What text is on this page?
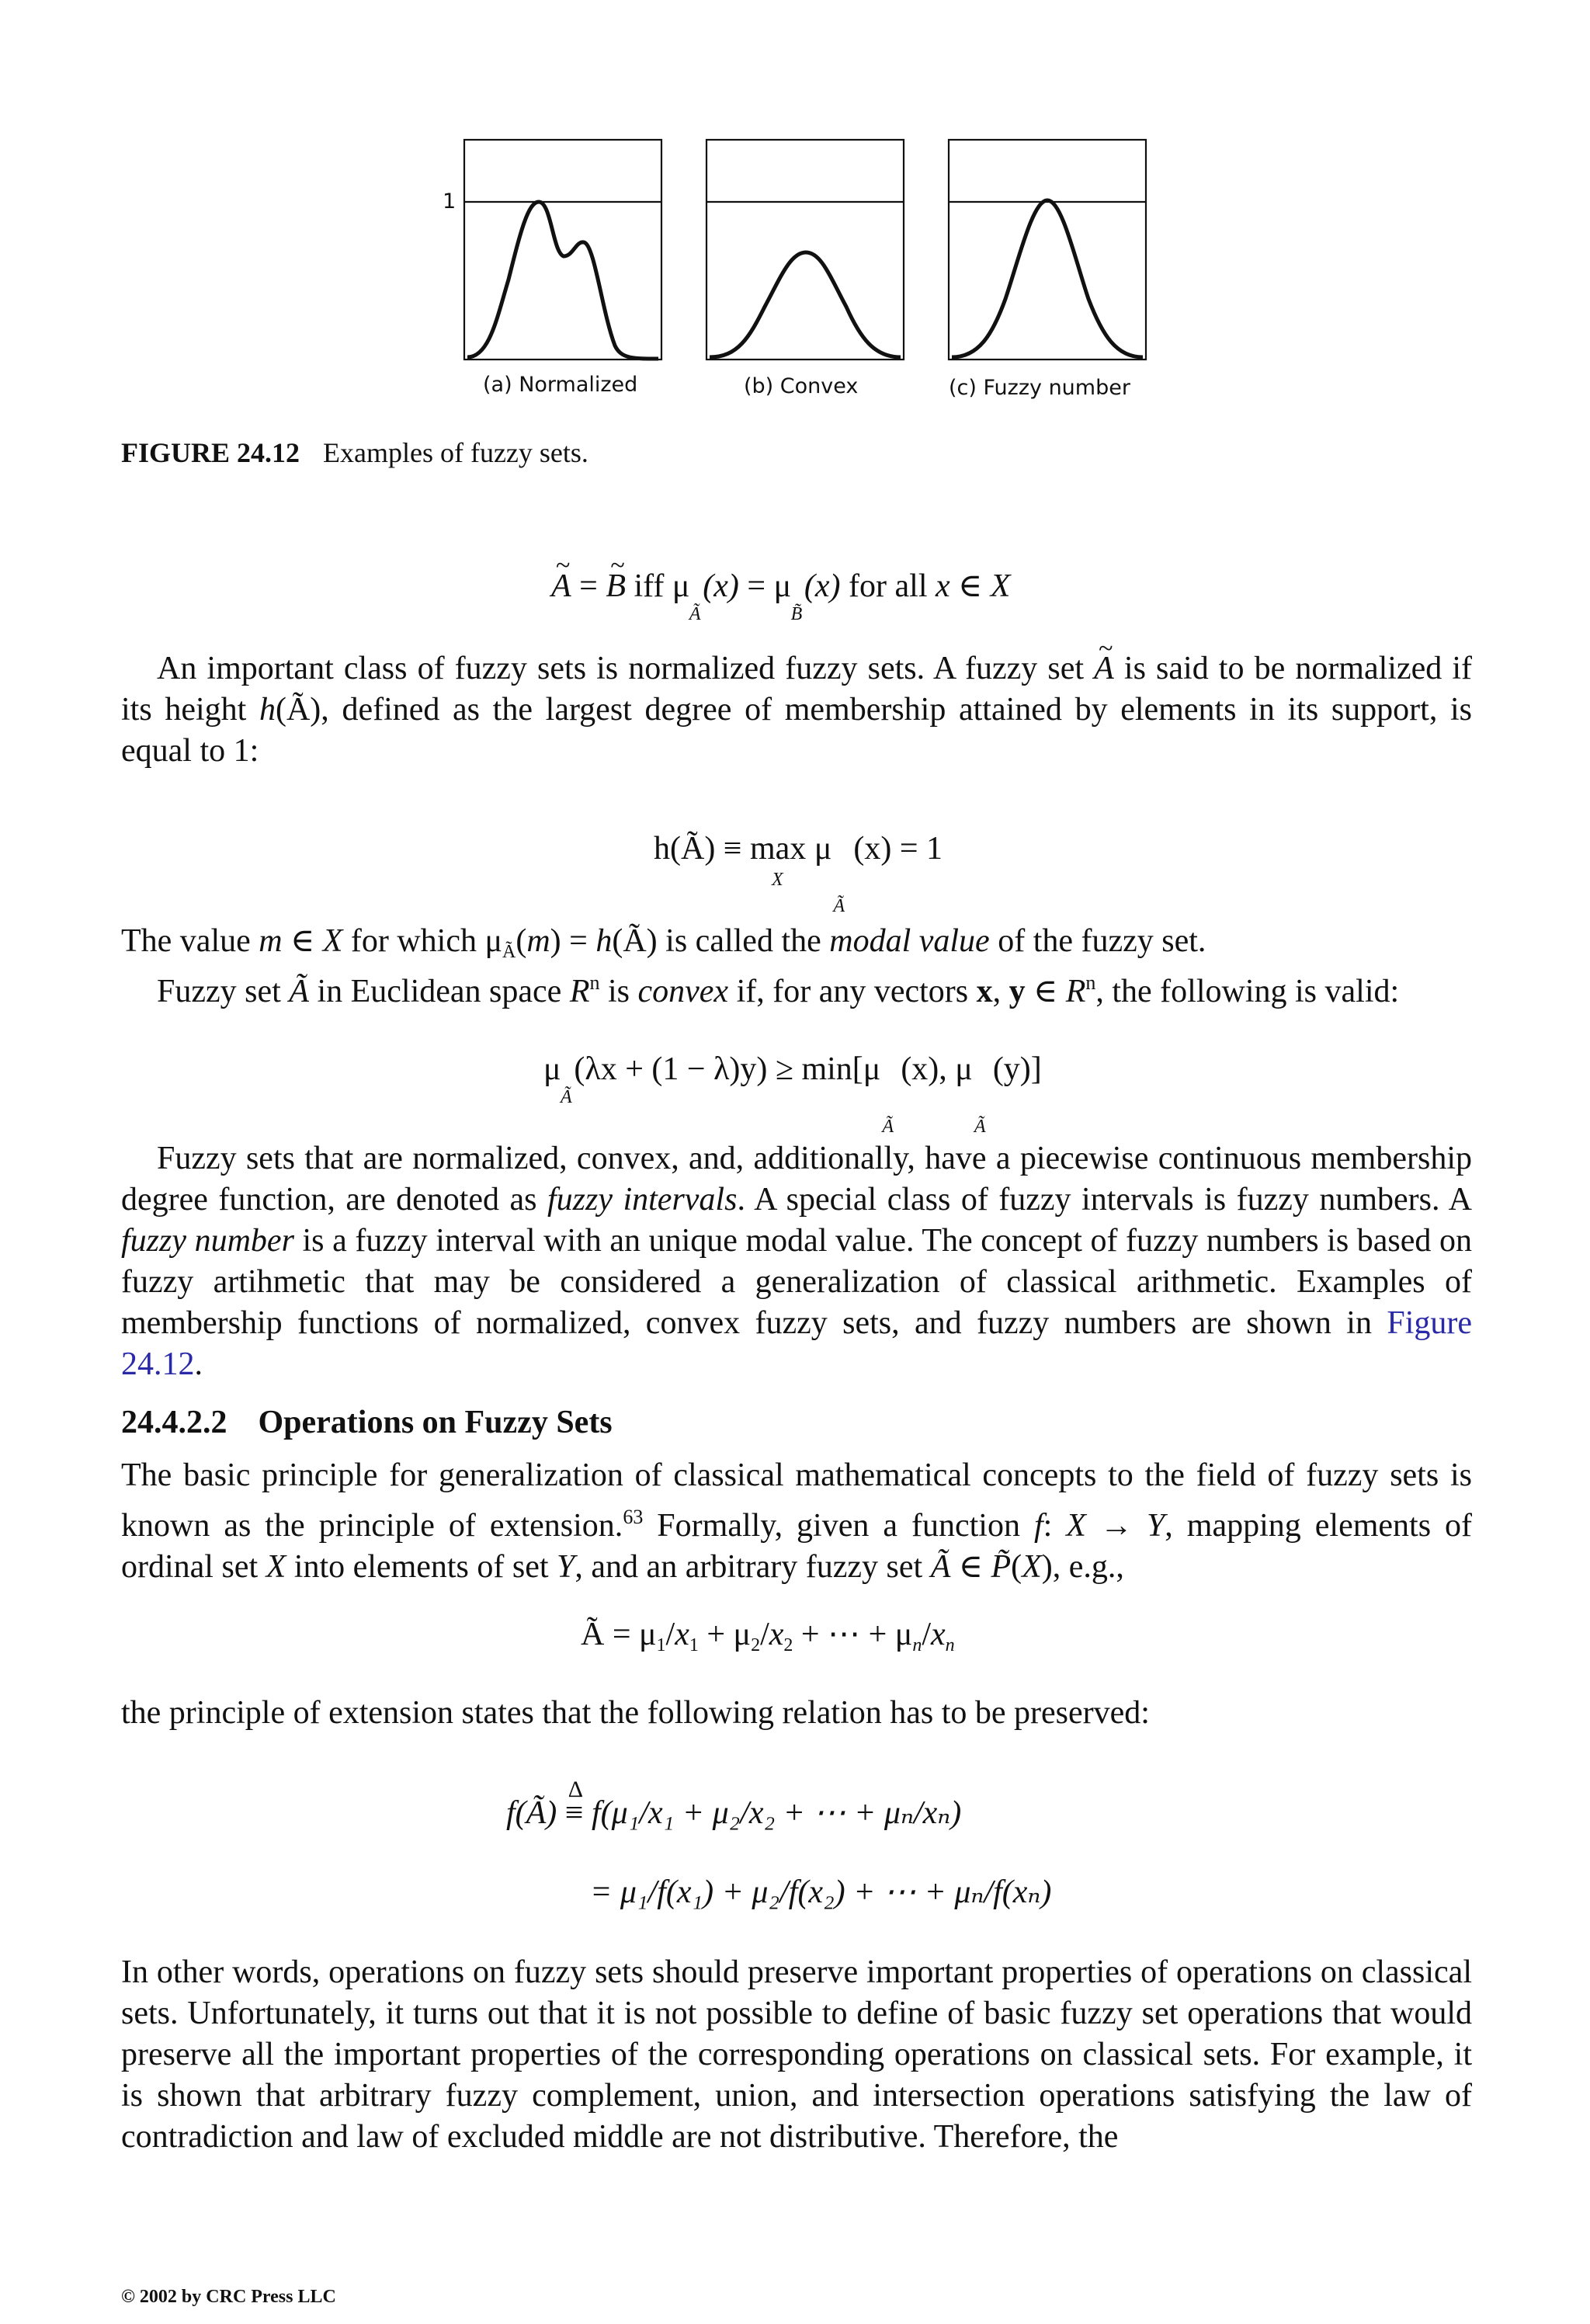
1
(a) Normalized	(b) Convex	(c) Fuzzy number
FIGURE 24.12 Examples of fuzzy sets.
~ A = ~ B iff μ
Ã
  (x) = μ
B̃
  (x) for all x ∈ X

An important class of fuzzy sets is normalized fuzzy sets. A fuzzy set ~ A is said to be normalized if its height h(Ã), defined as the largest degree of membership attained by elements in its support, is equal to 1:

h(Ã) ≡ max
X
μ
Ã
(x) = 1

The value m ∈ X for which $\mu_Ã(m)$ = h(Ã) is called the modal value of the fuzzy set.

Fuzzy set Ã in Euclidean space $R^n$ is convex if, for any vectors x, y ∈ $R^n$, the following is valid:

μ
Ã
  (λx + (1 − λ)y) ≥ min[μ
Ã
(x), μ
Ã
(y)]

Fuzzy sets that are normalized, convex, and, additionally, have a piecewise continuous membership degree function, are denoted as fuzzy intervals. A special class of fuzzy intervals is fuzzy numbers. A fuzzy number is a fuzzy interval with an unique modal value. The concept of fuzzy numbers is based on fuzzy artihmetic that may be considered a generalization of classical arithmetic. Examples of membership functions of normalized, convex fuzzy sets, and fuzzy numbers are shown in Figure 24.12.

24.4.2.2 Operations on Fuzzy Sets

The basic principle for generalization of classical mathematical concepts to the field of fuzzy sets is known as the principle of extension.$^{63}$ Formally, given a function f: X → Y, mapping elements of ordinal set X into elements of set Y, and an arbitrary fuzzy set Ã ∈ P̃(X), e.g.,

Ã = $\mu_1/x_1 + \mu_2/x_2$ + ⋯ + $\mu_n/x_n$

the principle of extension states that the following relation has to be preserved:

f(Ã)
Δ
≡ f(μ₁/x₁ + μ₂/x₂ + ⋯ + μₙ/xₙ)
= μ₁/f(x₁) + μ₂/f(x₂) + ⋯ + μₙ/f(xₙ)

In other words, operations on fuzzy sets should preserve important properties of operations on classical sets. Unfortunately, it turns out that it is not possible to define of basic fuzzy set operations that would preserve all the important properties of the corresponding operations on classical sets. For example, it is shown that arbitrary fuzzy complement, union, and intersection operations satisfying the law of contradiction and law of excluded middle are not distributive. Therefore, the

© 2002 by CRC Press LLC
